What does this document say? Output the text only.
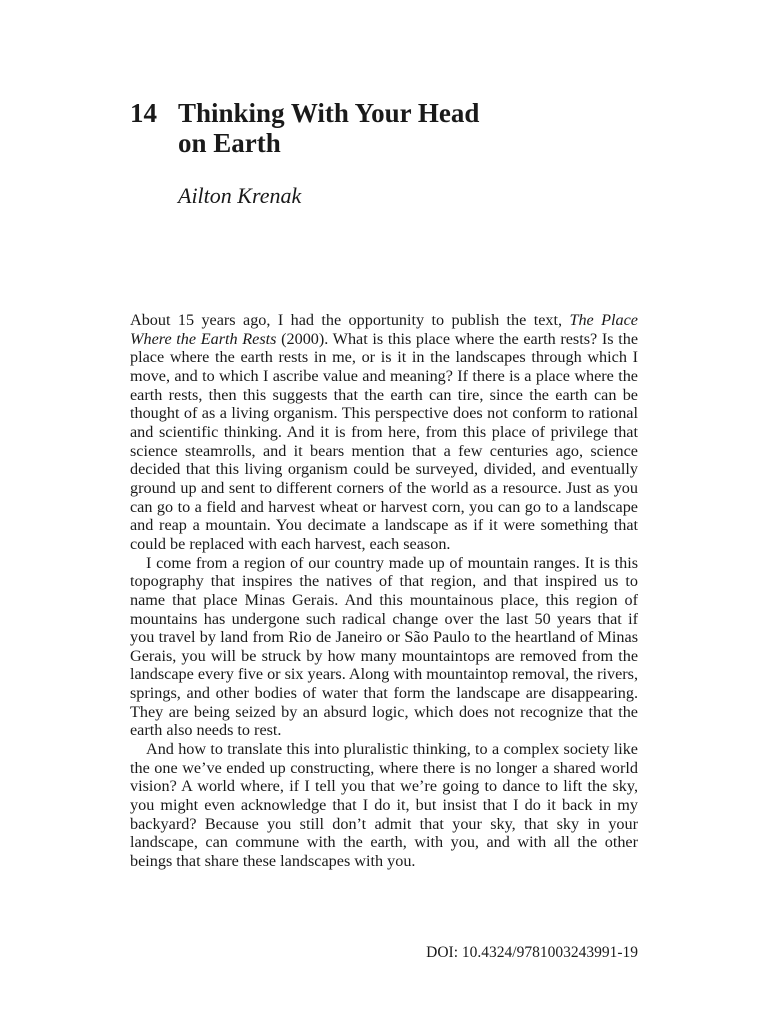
14 Thinking With Your Head
on Earth
Ailton Krenak

About 15 years ago, I had the opportunity to publish the text, The Place Where the Earth Rests (2000). What is this place where the earth rests? Is the place where the earth rests in me, or is it in the landscapes through which I move, and to which I ascribe value and meaning? If there is a place where the earth rests, then this suggests that the earth can tire, since the earth can be thought of as a living organism. This perspective does not conform to rational and scientific thinking. And it is from here, from this place of privilege that science steamrolls, and it bears mention that a few centuries ago, science decided that this living organism could be surveyed, divided, and eventually ground up and sent to different corners of the world as a resource. Just as you can go to a field and harvest wheat or harvest corn, you can go to a landscape and reap a mountain. You decimate a landscape as if it were something that could be replaced with each harvest, each season.

I come from a region of our country made up of mountain ranges. It is this topography that inspires the natives of that region, and that inspired us to name that place Minas Gerais. And this mountainous place, this region of mountains has undergone such radical change over the last 50 years that if you travel by land from Rio de Janeiro or São Paulo to the heartland of Minas Gerais, you will be struck by how many mountaintops are removed from the landscape every five or six years. Along with mountaintop removal, the rivers, springs, and other bodies of water that form the landscape are disappearing. They are being seized by an absurd logic, which does not recognize that the earth also needs to rest.

And how to translate this into pluralistic thinking, to a complex society like the one we’ve ended up constructing, where there is no longer a shared world vision? A world where, if I tell you that we’re going to dance to lift the sky, you might even acknowledge that I do it, but insist that I do it back in my backyard? Because you still don’t admit that your sky, that sky in your landscape, can commune with the earth, with you, and with all the other beings that share these landscapes with you.

DOI: 10.4324/9781003243991-19
